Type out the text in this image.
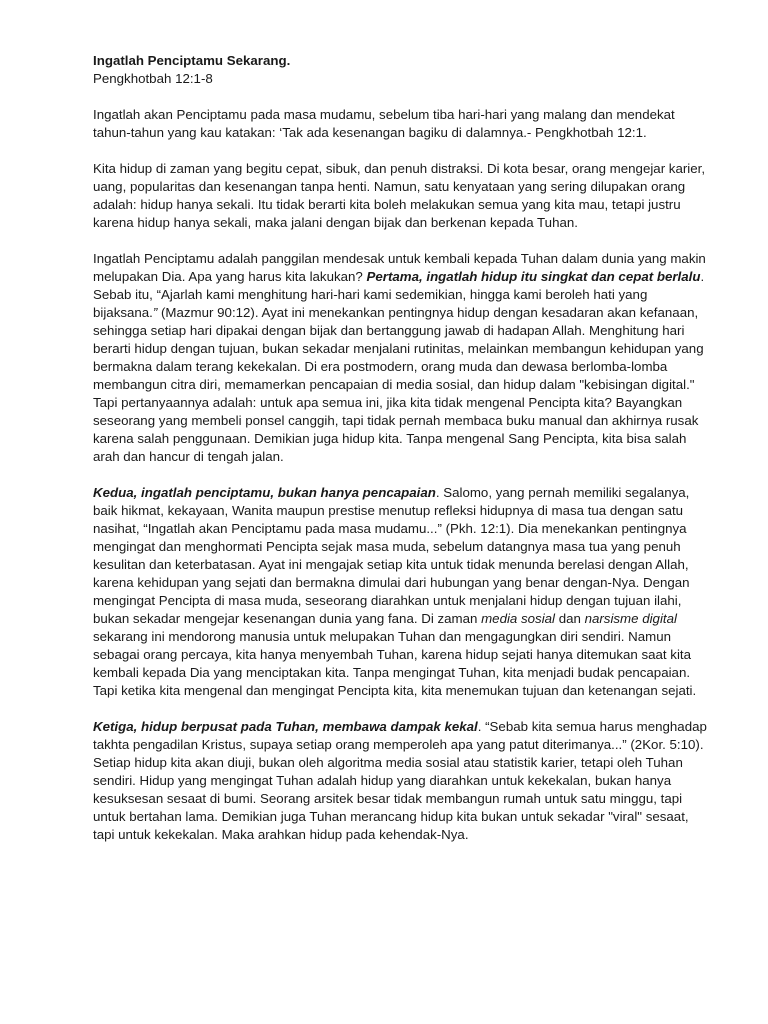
Ingatlah Penciptamu Sekarang.
Pengkhotbah 12:1-8

Ingatlah akan Penciptamu pada masa mudamu, sebelum tiba hari-hari yang malang dan mendekat tahun-tahun yang kau katakan: ‘Tak ada kesenangan bagiku di dalamnya.- Pengkhotbah 12:1.

Kita hidup di zaman yang begitu cepat, sibuk, dan penuh distraksi. Di kota besar, orang mengejar karier, uang, popularitas dan kesenangan tanpa henti. Namun, satu kenyataan yang sering dilupakan orang adalah: hidup hanya sekali. Itu tidak berarti kita boleh melakukan semua yang kita mau, tetapi justru karena hidup hanya sekali, maka jalani dengan bijak dan berkenan kepada Tuhan.

Ingatlah Penciptamu adalah panggilan mendesak untuk kembali kepada Tuhan dalam dunia yang makin melupakan Dia. Apa yang harus kita lakukan? Pertama, ingatlah hidup itu singkat dan cepat berlalu. Sebab itu, “Ajarlah kami menghitung hari-hari kami sedemikian, hingga kami beroleh hati yang bijaksana.” (Mazmur 90:12). Ayat ini menekankan pentingnya hidup dengan kesadaran akan kefanaan, sehingga setiap hari dipakai dengan bijak dan bertanggung jawab di hadapan Allah. Menghitung hari berarti hidup dengan tujuan, bukan sekadar menjalani rutinitas, melainkan membangun kehidupan yang bermakna dalam terang kekekalan. Di era postmodern, orang muda dan dewasa berlomba-lomba membangun citra diri, memamerkan pencapaian di media sosial, dan hidup dalam "kebisingan digital." Tapi pertanyaannya adalah: untuk apa semua ini, jika kita tidak mengenal Pencipta kita? Bayangkan seseorang yang membeli ponsel canggih, tapi tidak pernah membaca buku manual dan akhirnya rusak karena salah penggunaan. Demikian juga hidup kita. Tanpa mengenal Sang Pencipta, kita bisa salah arah dan hancur di tengah jalan.

Kedua, ingatlah penciptamu, bukan hanya pencapaian. Salomo, yang pernah memiliki segalanya, baik hikmat, kekayaan, Wanita maupun prestise menutup refleksi hidupnya di masa tua dengan satu nasihat, “Ingatlah akan Penciptamu pada masa mudamu...” (Pkh. 12:1). Dia menekankan pentingnya mengingat dan menghormati Pencipta sejak masa muda, sebelum datangnya masa tua yang penuh kesulitan dan keterbatasan. Ayat ini mengajak setiap kita untuk tidak menunda berelasi dengan Allah, karena kehidupan yang sejati dan bermakna dimulai dari hubungan yang benar dengan-Nya. Dengan mengingat Pencipta di masa muda, seseorang diarahkan untuk menjalani hidup dengan tujuan ilahi, bukan sekadar mengejar kesenangan dunia yang fana. Di zaman media sosial dan narsisme digital sekarang ini mendorong manusia untuk melupakan Tuhan dan mengagungkan diri sendiri. Namun sebagai orang percaya, kita hanya menyembah Tuhan, karena hidup sejati hanya ditemukan saat kita kembali kepada Dia yang menciptakan kita. Tanpa mengingat Tuhan, kita menjadi budak pencapaian. Tapi ketika kita mengenal dan mengingat Pencipta kita, kita menemukan tujuan dan ketenangan sejati.

Ketiga, hidup berpusat pada Tuhan, membawa dampak kekal. “Sebab kita semua harus menghadap takhta pengadilan Kristus, supaya setiap orang memperoleh apa yang patut diterimanya...” (2Kor. 5:10). Setiap hidup kita akan diuji, bukan oleh algoritma media sosial atau statistik karier, tetapi oleh Tuhan sendiri. Hidup yang mengingat Tuhan adalah hidup yang diarahkan untuk kekekalan, bukan hanya kesuksesan sesaat di bumi. Seorang arsitek besar tidak membangun rumah untuk satu minggu, tapi untuk bertahan lama. Demikian juga Tuhan merancang hidup kita bukan untuk sekadar "viral" sesaat, tapi untuk kekekalan. Maka arahkan hidup pada kehendak-Nya.
